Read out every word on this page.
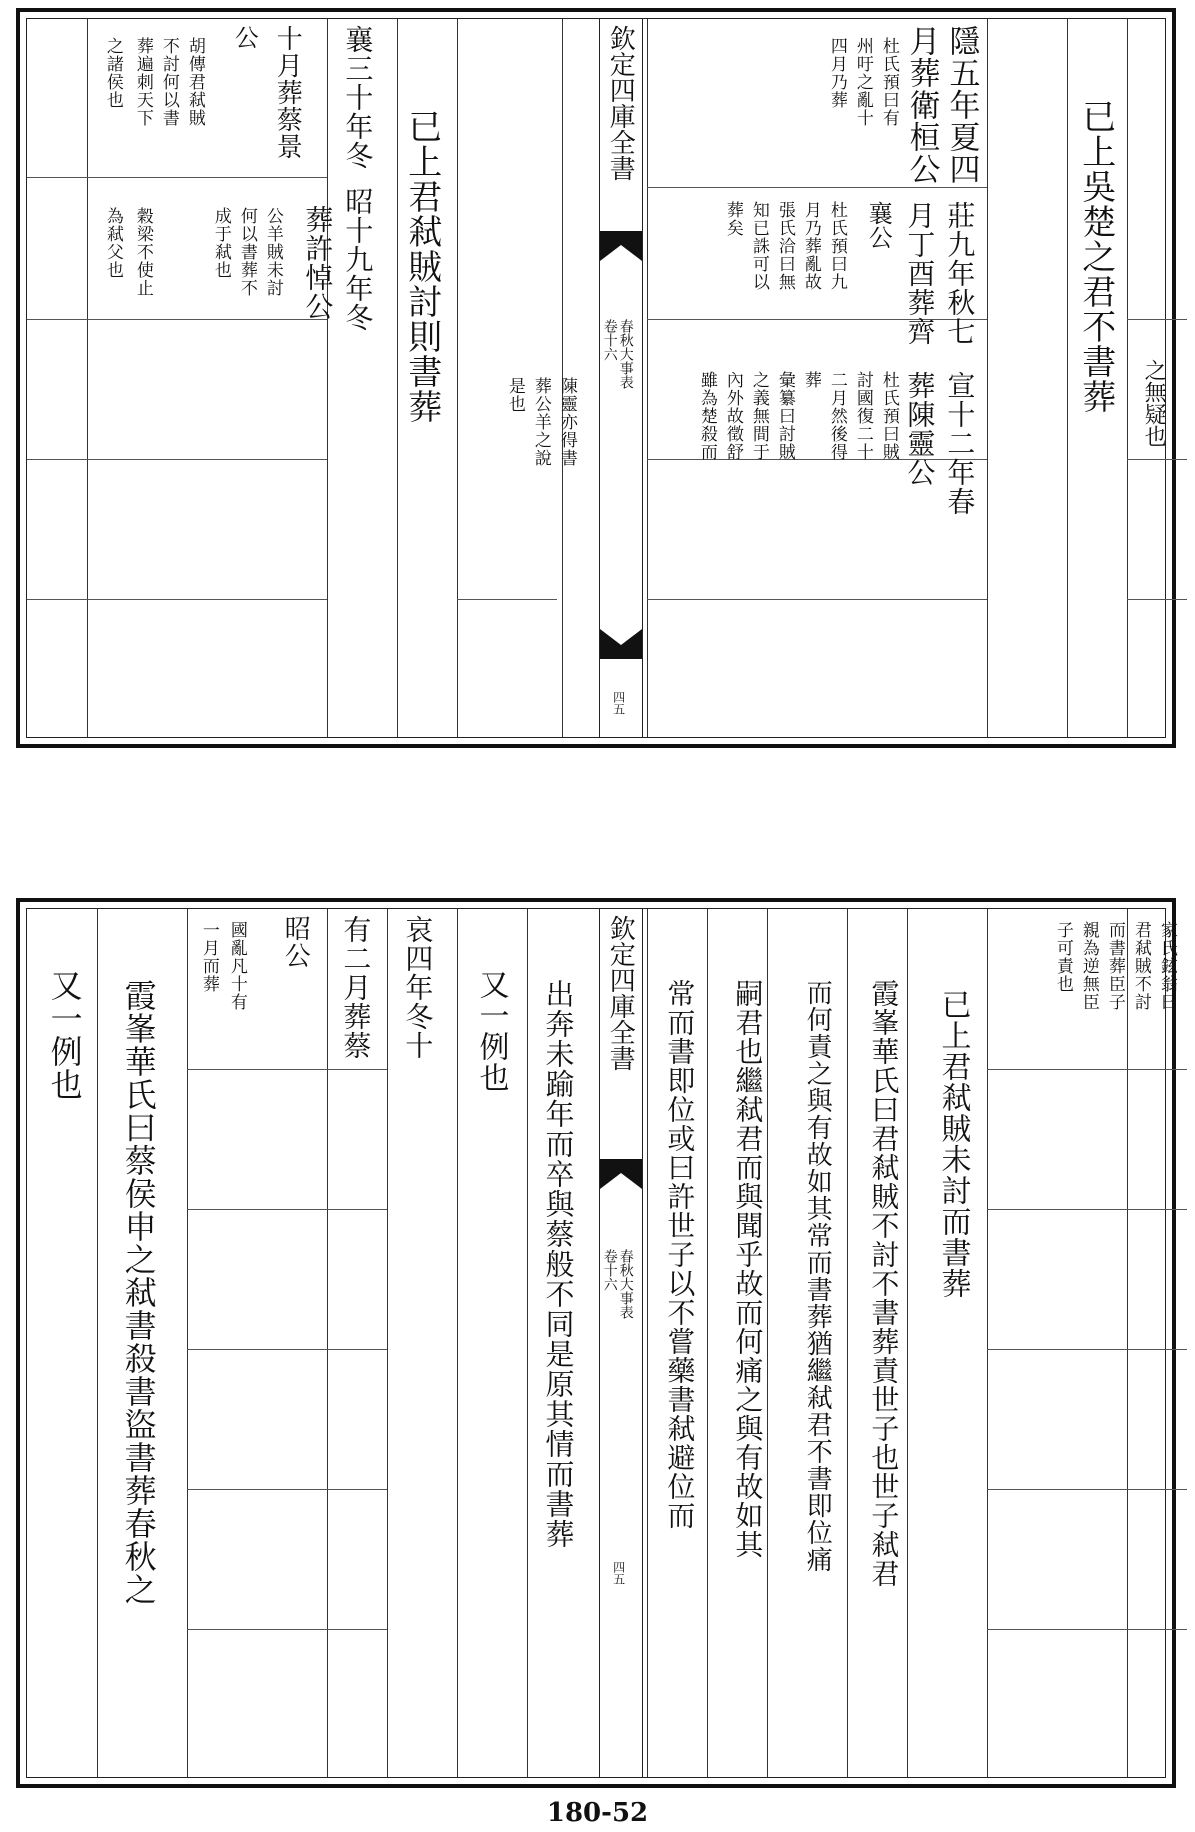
欽定四庫全書
春秋大事表
卷十六
四五
之無疑也
已上吳楚之君不書葬
隱五年夏四
月葬衛桓公
杜氏預曰有
州吁之亂十
四月乃葬
莊九年秋七
月丁酉葬齊
襄公
杜氏預曰九
月乃葬亂故
張氏洽曰無
知已誅可以
葬矣
宣十二年春
葬陳靈公
杜氏預曰賊
討國復二十
二月然後得
葬
彙纂曰討賊
之義無間于
內外故徵舒
雖為楚殺而
陳靈亦得書
葬公羊之說
是也
已上君弒賊討則書葬
昭十九年冬
葬許悼公
公羊賊未討
何以書葬不
成于弒也
襄三十年冬
十月葬蔡景
公
胡傳君弒賊
不討何以書
葬遍刺天下
之諸侯也
穀梁不使止
為弒父也
欽定四庫全書
春秋大事表
卷十六
四五
家氏鉉翁曰
君弒賊不討
而書葬臣子
親為逆無臣
子可責也
已上君弒賊未討而書葬
霞峯華氏曰君弒賊不討不書葬責世子也世子弒君
而何責之與有故如其常而書葬猶繼弒君不書即位痛
嗣君也繼弒君而與聞乎故而何痛之與有故如其
常而書即位或曰許世子以不嘗藥書弒避位而
出奔未踰年而卒與蔡般不同是原其情而書葬
又一例也
哀四年冬十
有二月葬蔡
昭公
國亂凡十有
一月而葬
霞峯華氏曰蔡侯申之弒書殺書盜書葬春秋之
又一例也
180-52
